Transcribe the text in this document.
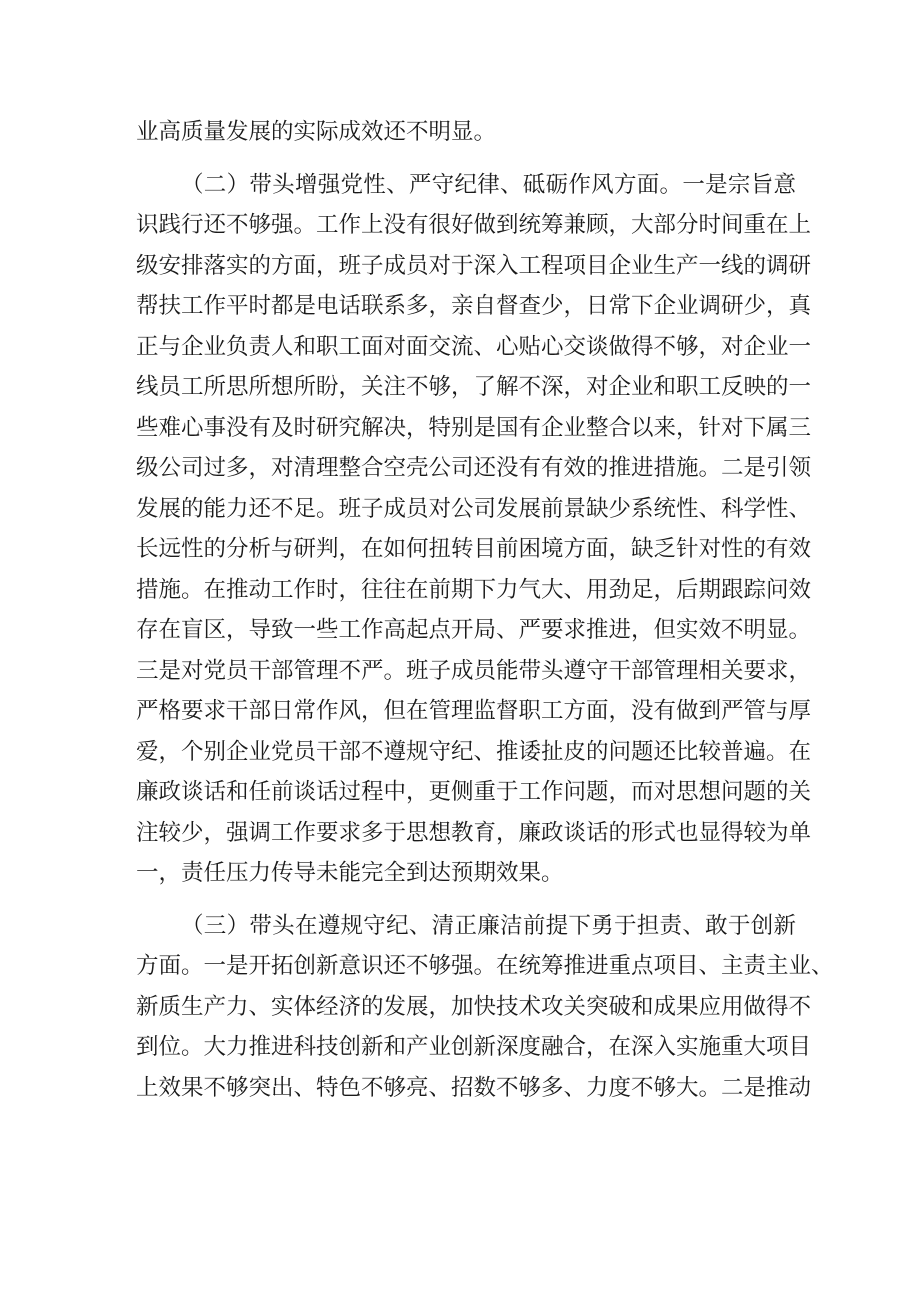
业高质量发展的实际成效还不明显。
（二）带头增强党性、严守纪律、砥砺作风方面。一是宗旨意
识践行还不够强。工作上没有很好做到统筹兼顾，大部分时间重在上
级安排落实的方面，班子成员对于深入工程项目企业生产一线的调研
帮扶工作平时都是电话联系多，亲自督查少，日常下企业调研少，真
正与企业负责人和职工面对面交流、心贴心交谈做得不够，对企业一
线员工所思所想所盼，关注不够，了解不深，对企业和职工反映的一
些难心事没有及时研究解决，特别是国有企业整合以来，针对下属三
级公司过多，对清理整合空壳公司还没有有效的推进措施。二是引领
发展的能力还不足。班子成员对公司发展前景缺少系统性、科学性、
长远性的分析与研判，在如何扭转目前困境方面，缺乏针对性的有效
措施。在推动工作时，往往在前期下力气大、用劲足，后期跟踪问效
存在盲区，导致一些工作高起点开局、严要求推进，但实效不明显。
三是对党员干部管理不严。班子成员能带头遵守干部管理相关要求，
严格要求干部日常作风，但在管理监督职工方面，没有做到严管与厚
爱，个别企业党员干部不遵规守纪、推诿扯皮的问题还比较普遍。在
廉政谈话和任前谈话过程中，更侧重于工作问题，而对思想问题的关
注较少，强调工作要求多于思想教育，廉政谈话的形式也显得较为单
一，责任压力传导未能完全到达预期效果。
（三）带头在遵规守纪、清正廉洁前提下勇于担责、敢于创新
方面。一是开拓创新意识还不够强。在统筹推进重点项目、主责主业、
新质生产力、实体经济的发展，加快技术攻关突破和成果应用做得不
到位。大力推进科技创新和产业创新深度融合，在深入实施重大项目
上效果不够突出、特色不够亮、招数不够多、力度不够大。二是推动
